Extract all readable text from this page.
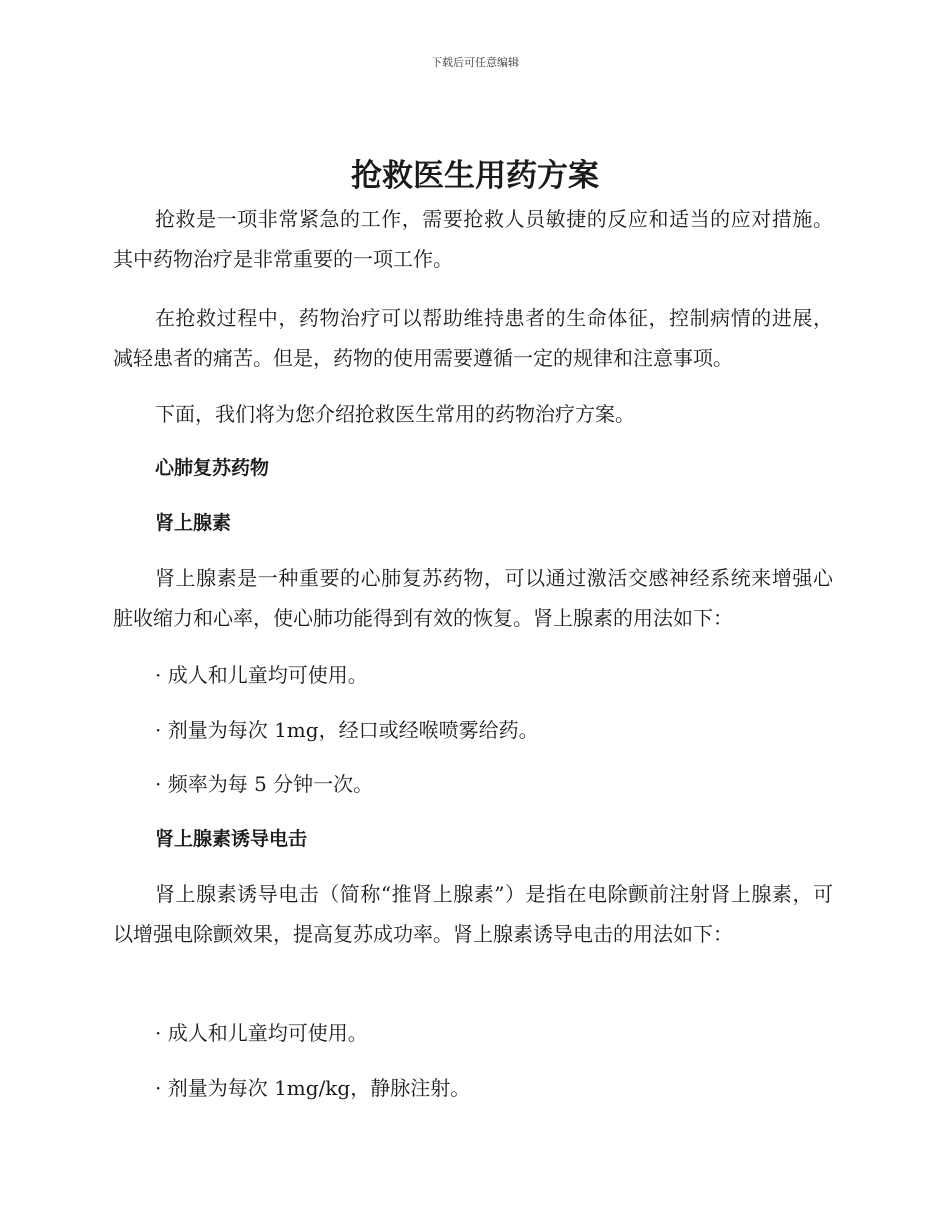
下载后可任意编辑
抢救医生用药方案

抢救是一项非常紧急的工作，需要抢救人员敏捷的反应和适当的应对措施。其中药物治疗是非常重要的一项工作。

在抢救过程中，药物治疗可以帮助维持患者的生命体征，控制病情的进展，减轻患者的痛苦。但是，药物的使用需要遵循一定的规律和注意事项。

下面，我们将为您介绍抢救医生常用的药物治疗方案。

心肺复苏药物
肾上腺素

肾上腺素是一种重要的心肺复苏药物，可以通过激活交感神经系统来增强心脏收缩力和心率，使心肺功能得到有效的恢复。肾上腺素的用法如下：

· 成人和儿童均可使用。

· 剂量为每次 1mg，经口或经喉喷雾给药。

· 频率为每 5 分钟一次。

肾上腺素诱导电击

肾上腺素诱导电击（简称“推肾上腺素”）是指在电除颤前注射肾上腺素，可以增强电除颤效果，提高复苏成功率。肾上腺素诱导电击的用法如下：

· 成人和儿童均可使用。

· 剂量为每次 1mg/kg，静脉注射。
